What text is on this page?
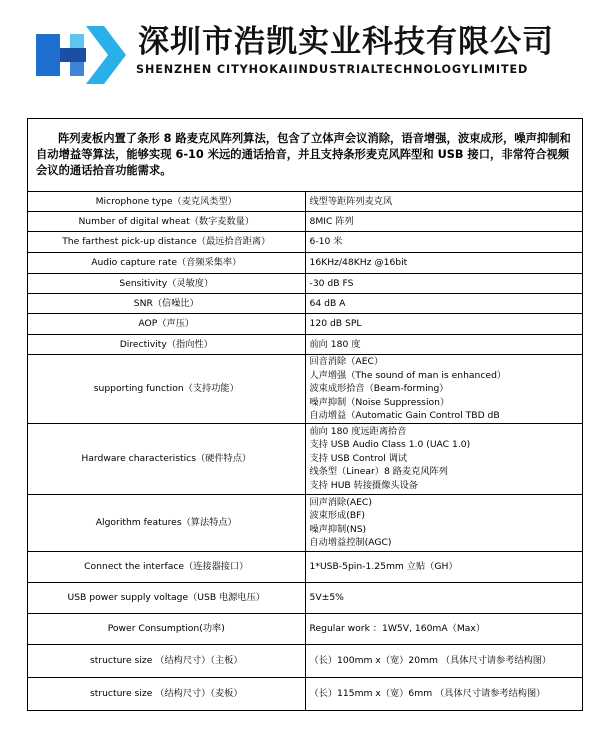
深圳市浩凯实业科技有限公司
SHENZHEN CITYHOKAIINDUSTRIALTECHNOLOGYLIMITED
阵列麦板内置了条形 8 路麦克风阵列算法，包含了立体声会议消除，语音增强，波束成形，噪声抑制和自动增益等算法，能够实现 6-10 米远的通话拾音，并且支持条形麦克风阵型和 USB 接口，非常符合视频会议的通话拾音功能需求。	

Microphone type（麦克风类型）	线型等距阵列麦克风

Number of digital wheat（数字麦数量）	8MIC 阵列

The farthest pick-up distance（最远拾音距离）	6-10 米

Audio capture rate（音频采集率）	16KHz/48KHz @16bit

Sensitivity（灵敏度）	-30 dB FS

SNR（信噪比）	64 dB A

AOP（声压）	120 dB SPL

Directivity（指向性）	前向 180 度

supporting function（支持功能）	回音消除（AEC）
人声增强（The sound of man is enhanced）
波束成形拾音（Beam-forming）
噪声抑制（Noise Suppression）
自动增益（Automatic Gain Control TBD dB

Hardware characteristics（硬件特点）	前向 180 度远距离拾音
支持 USB Audio Class 1.0 (UAC 1.0)
支持 USB Control 调试
线条型（Linear）8 路麦克风阵列
支持 HUB 转接摄像头设备

Algorithm features（算法特点）	回声消除(AEC)
波束形成(BF)
噪声抑制(NS)
自动增益控制(AGC)

Connect the interface（连接器接口）	1*USB-5pin-1.25mm 立贴（GH）

USB power supply voltage（USB 电源电压）	5V±5%

Power Consumption(功率)	Regular work ：1W5V, 160mA（Max）

structure size （结构尺寸）（主板）	（长）100mm x（宽）20mm （具体尺寸请参考结构图）

structure size （结构尺寸）（麦板）	（长）115mm x（宽）6mm （具体尺寸请参考结构图）
